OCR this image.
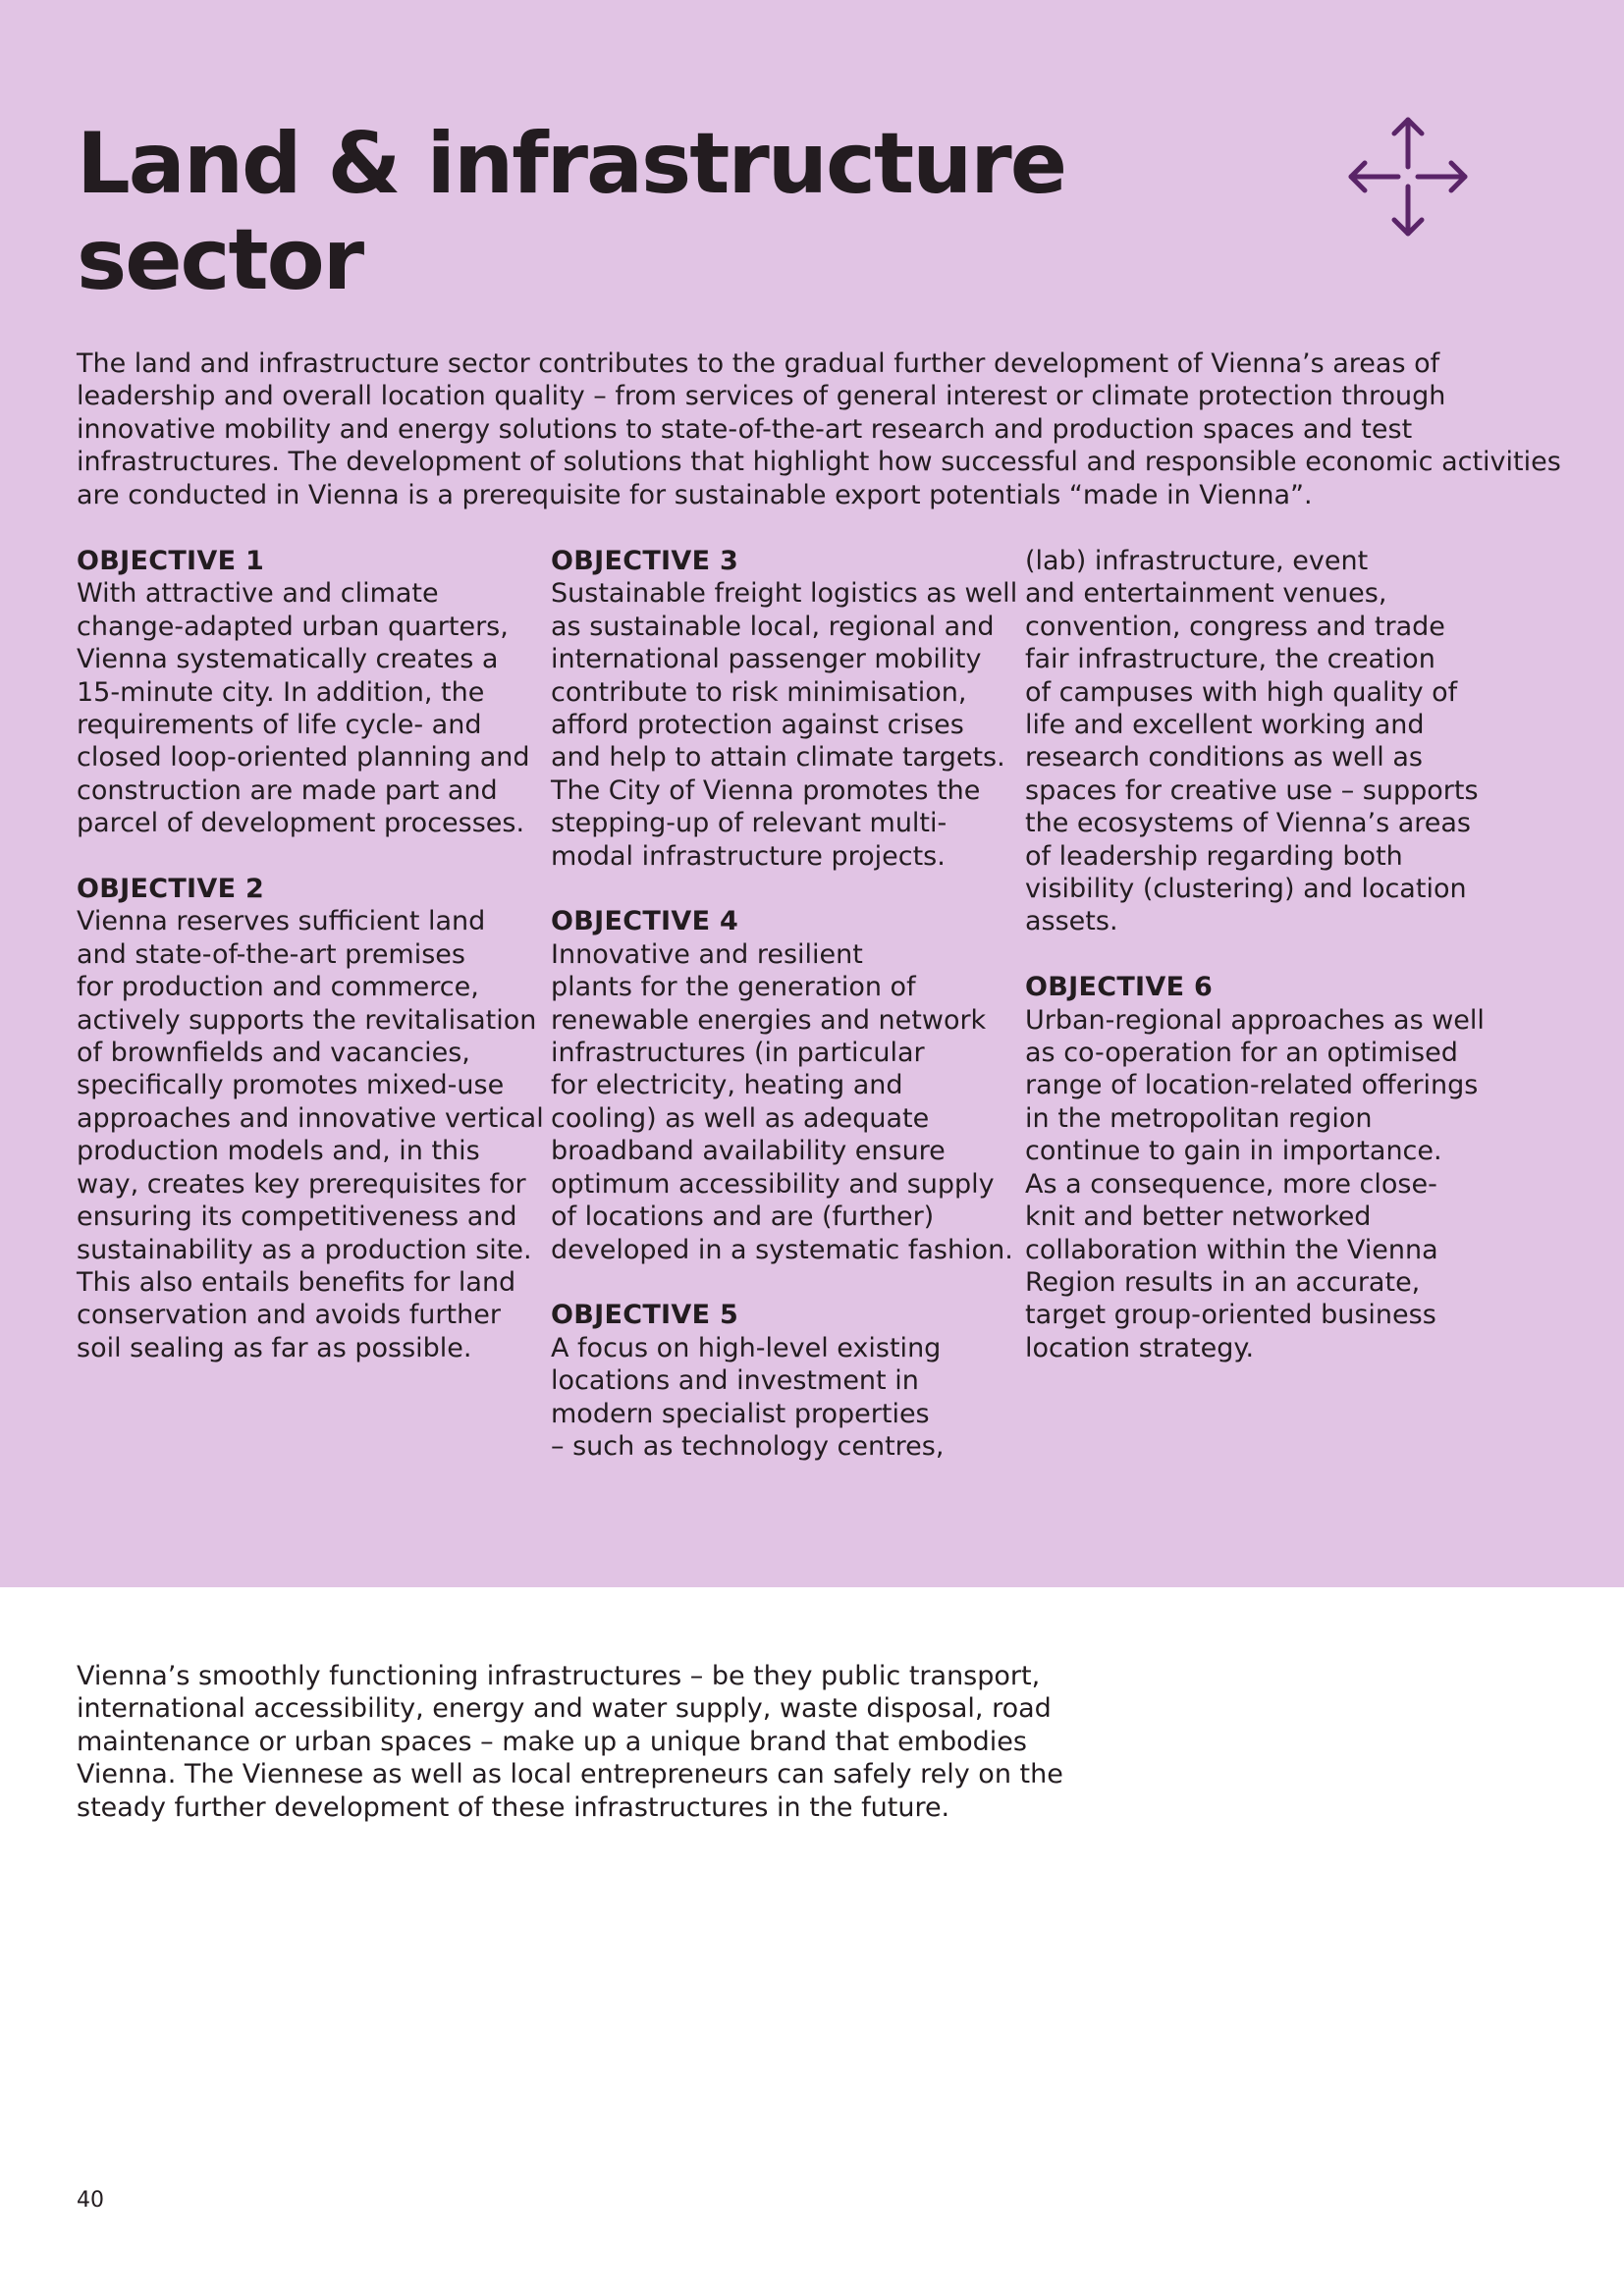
Land & infrastructure
sector

The land and infrastructure sector contributes to the gradual further development of Vienna’s areas of
leadership and overall location quality – from services of general interest or climate protection through
innovative mobility and energy solutions to state-of-the-art research and production spaces and test
infrastructures. The development of solutions that highlight how successful and responsible economic activities
are conducted in Vienna is a prerequisite for sustainable export potentials “made in Vienna”.

OBJECTIVE 1
With attractive and climate
change-adapted urban quarters,
Vienna systematically creates a
15-minute city. In addition, the
requirements of life cycle- and
closed loop-oriented planning and
construction are made part and
parcel of development processes.
OBJECTIVE 2
Vienna reserves sufficient land
and state-of-the-art premises
for production and commerce,
actively supports the revitalisation
of brownfields and vacancies,
specifically promotes mixed-use
approaches and innovative vertical
production models and, in this
way, creates key prerequisites for
ensuring its competitiveness and
sustainability as a production site.
This also entails benefits for land
conservation and avoids further
soil sealing as far as possible.
OBJECTIVE 3
Sustainable freight logistics as well
as sustainable local, regional and
international passenger mobility
contribute to risk minimisation,
afford protection against crises
and help to attain climate targets.
The City of Vienna promotes the
stepping-up of relevant multi-
modal infrastructure projects.
OBJECTIVE 4
Innovative and resilient
plants for the generation of
renewable energies and network
infrastructures (in particular
for electricity, heating and
cooling) as well as adequate
broadband availability ensure
optimum accessibility and supply
of locations and are (further)
developed in a systematic fashion.
OBJECTIVE 5
A focus on high-level existing
locations and investment in
modern specialist properties
– such as technology centres,
(lab) infrastructure, event
and entertainment venues,
convention, congress and trade
fair infrastructure, the creation
of campuses with high quality of
life and excellent working and
research conditions as well as
spaces for creative use – supports
the ecosystems of Vienna’s areas
of leadership regarding both
visibility (clustering) and location
assets.
OBJECTIVE 6
Urban-regional approaches as well
as co-operation for an optimised
range of location-related offerings
in the metropolitan region
continue to gain in importance.
As a consequence, more close-
knit and better networked
collaboration within the Vienna
Region results in an accurate,
target group-oriented business
location strategy.

Vienna’s smoothly functioning infrastructures – be they public transport,
international accessibility, energy and water supply, waste disposal, road
maintenance or urban spaces – make up a unique brand that embodies
Vienna. The Viennese as well as local entrepreneurs can safely rely on the
steady further development of these infrastructures in the future.

40
